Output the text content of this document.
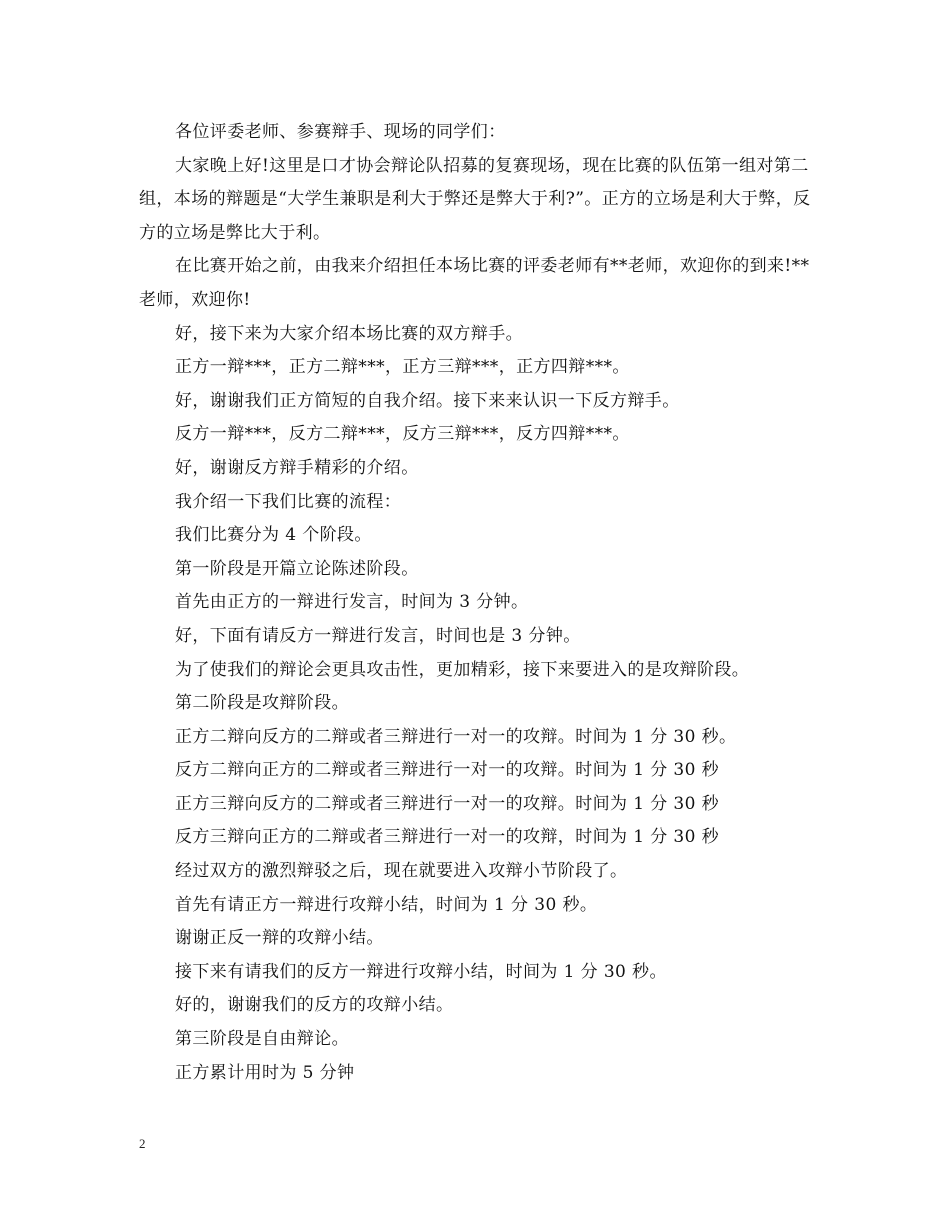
各位评委老师、参赛辩手、现场的同学们：

大家晚上好!这里是口才协会辩论队招募的复赛现场，现在比赛的队伍第一组对第二组，本场的辩题是“大学生兼职是利大于弊还是弊大于利?”。正方的立场是利大于弊，反方的立场是弊比大于利。

在比赛开始之前，由我来介绍担任本场比赛的评委老师有**老师，欢迎你的到来!**老师，欢迎你!

好，接下来为大家介绍本场比赛的双方辩手。

正方一辩***，正方二辩***，正方三辩***，正方四辩***。

好，谢谢我们正方简短的自我介绍。接下来来认识一下反方辩手。

反方一辩***，反方二辩***，反方三辩***，反方四辩***。

好，谢谢反方辩手精彩的介绍。

我介绍一下我们比赛的流程：

我们比赛分为 4 个阶段。

第一阶段是开篇立论陈述阶段。

首先由正方的一辩进行发言，时间为 3 分钟。

好，下面有请反方一辩进行发言，时间也是 3 分钟。

为了使我们的辩论会更具攻击性，更加精彩，接下来要进入的是攻辩阶段。

第二阶段是攻辩阶段。

正方二辩向反方的二辩或者三辩进行一对一的攻辩。时间为 1 分 30 秒。

反方二辩向正方的二辩或者三辩进行一对一的攻辩。时间为 1 分 30 秒

正方三辩向反方的二辩或者三辩进行一对一的攻辩。时间为 1 分 30 秒

反方三辩向正方的二辩或者三辩进行一对一的攻辩，时间为 1 分 30 秒

经过双方的激烈辩驳之后，现在就要进入攻辩小节阶段了。

首先有请正方一辩进行攻辩小结，时间为 1 分 30 秒。

谢谢正反一辩的攻辩小结。

接下来有请我们的反方一辩进行攻辩小结，时间为 1 分 30 秒。

好的，谢谢我们的反方的攻辩小结。

第三阶段是自由辩论。

正方累计用时为 5 分钟

2
